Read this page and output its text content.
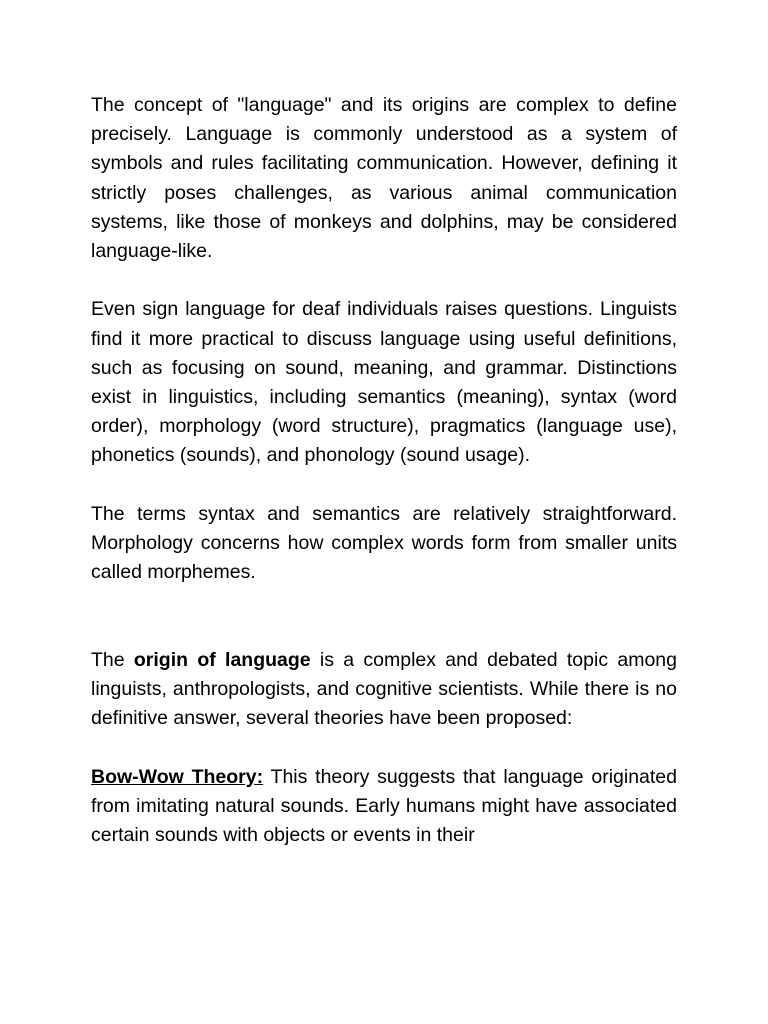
The concept of "language" and its origins are complex to define precisely. Language is commonly understood as a system of symbols and rules facilitating communication. However, defining it strictly poses challenges, as various animal communication systems, like those of monkeys and dolphins, may be considered language-like.

Even sign language for deaf individuals raises questions. Linguists find it more practical to discuss language using useful definitions, such as focusing on sound, meaning, and grammar. Distinctions exist in linguistics, including semantics (meaning), syntax (word order), morphology (word structure), pragmatics (language use), phonetics (sounds), and phonology (sound usage).

The terms syntax and semantics are relatively straightforward. Morphology concerns how complex words form from smaller units called morphemes.

The origin of language is a complex and debated topic among linguists, anthropologists, and cognitive scientists. While there is no definitive answer, several theories have been proposed:

Bow-Wow Theory: This theory suggests that language originated from imitating natural sounds. Early humans might have associated certain sounds with objects or events in their
